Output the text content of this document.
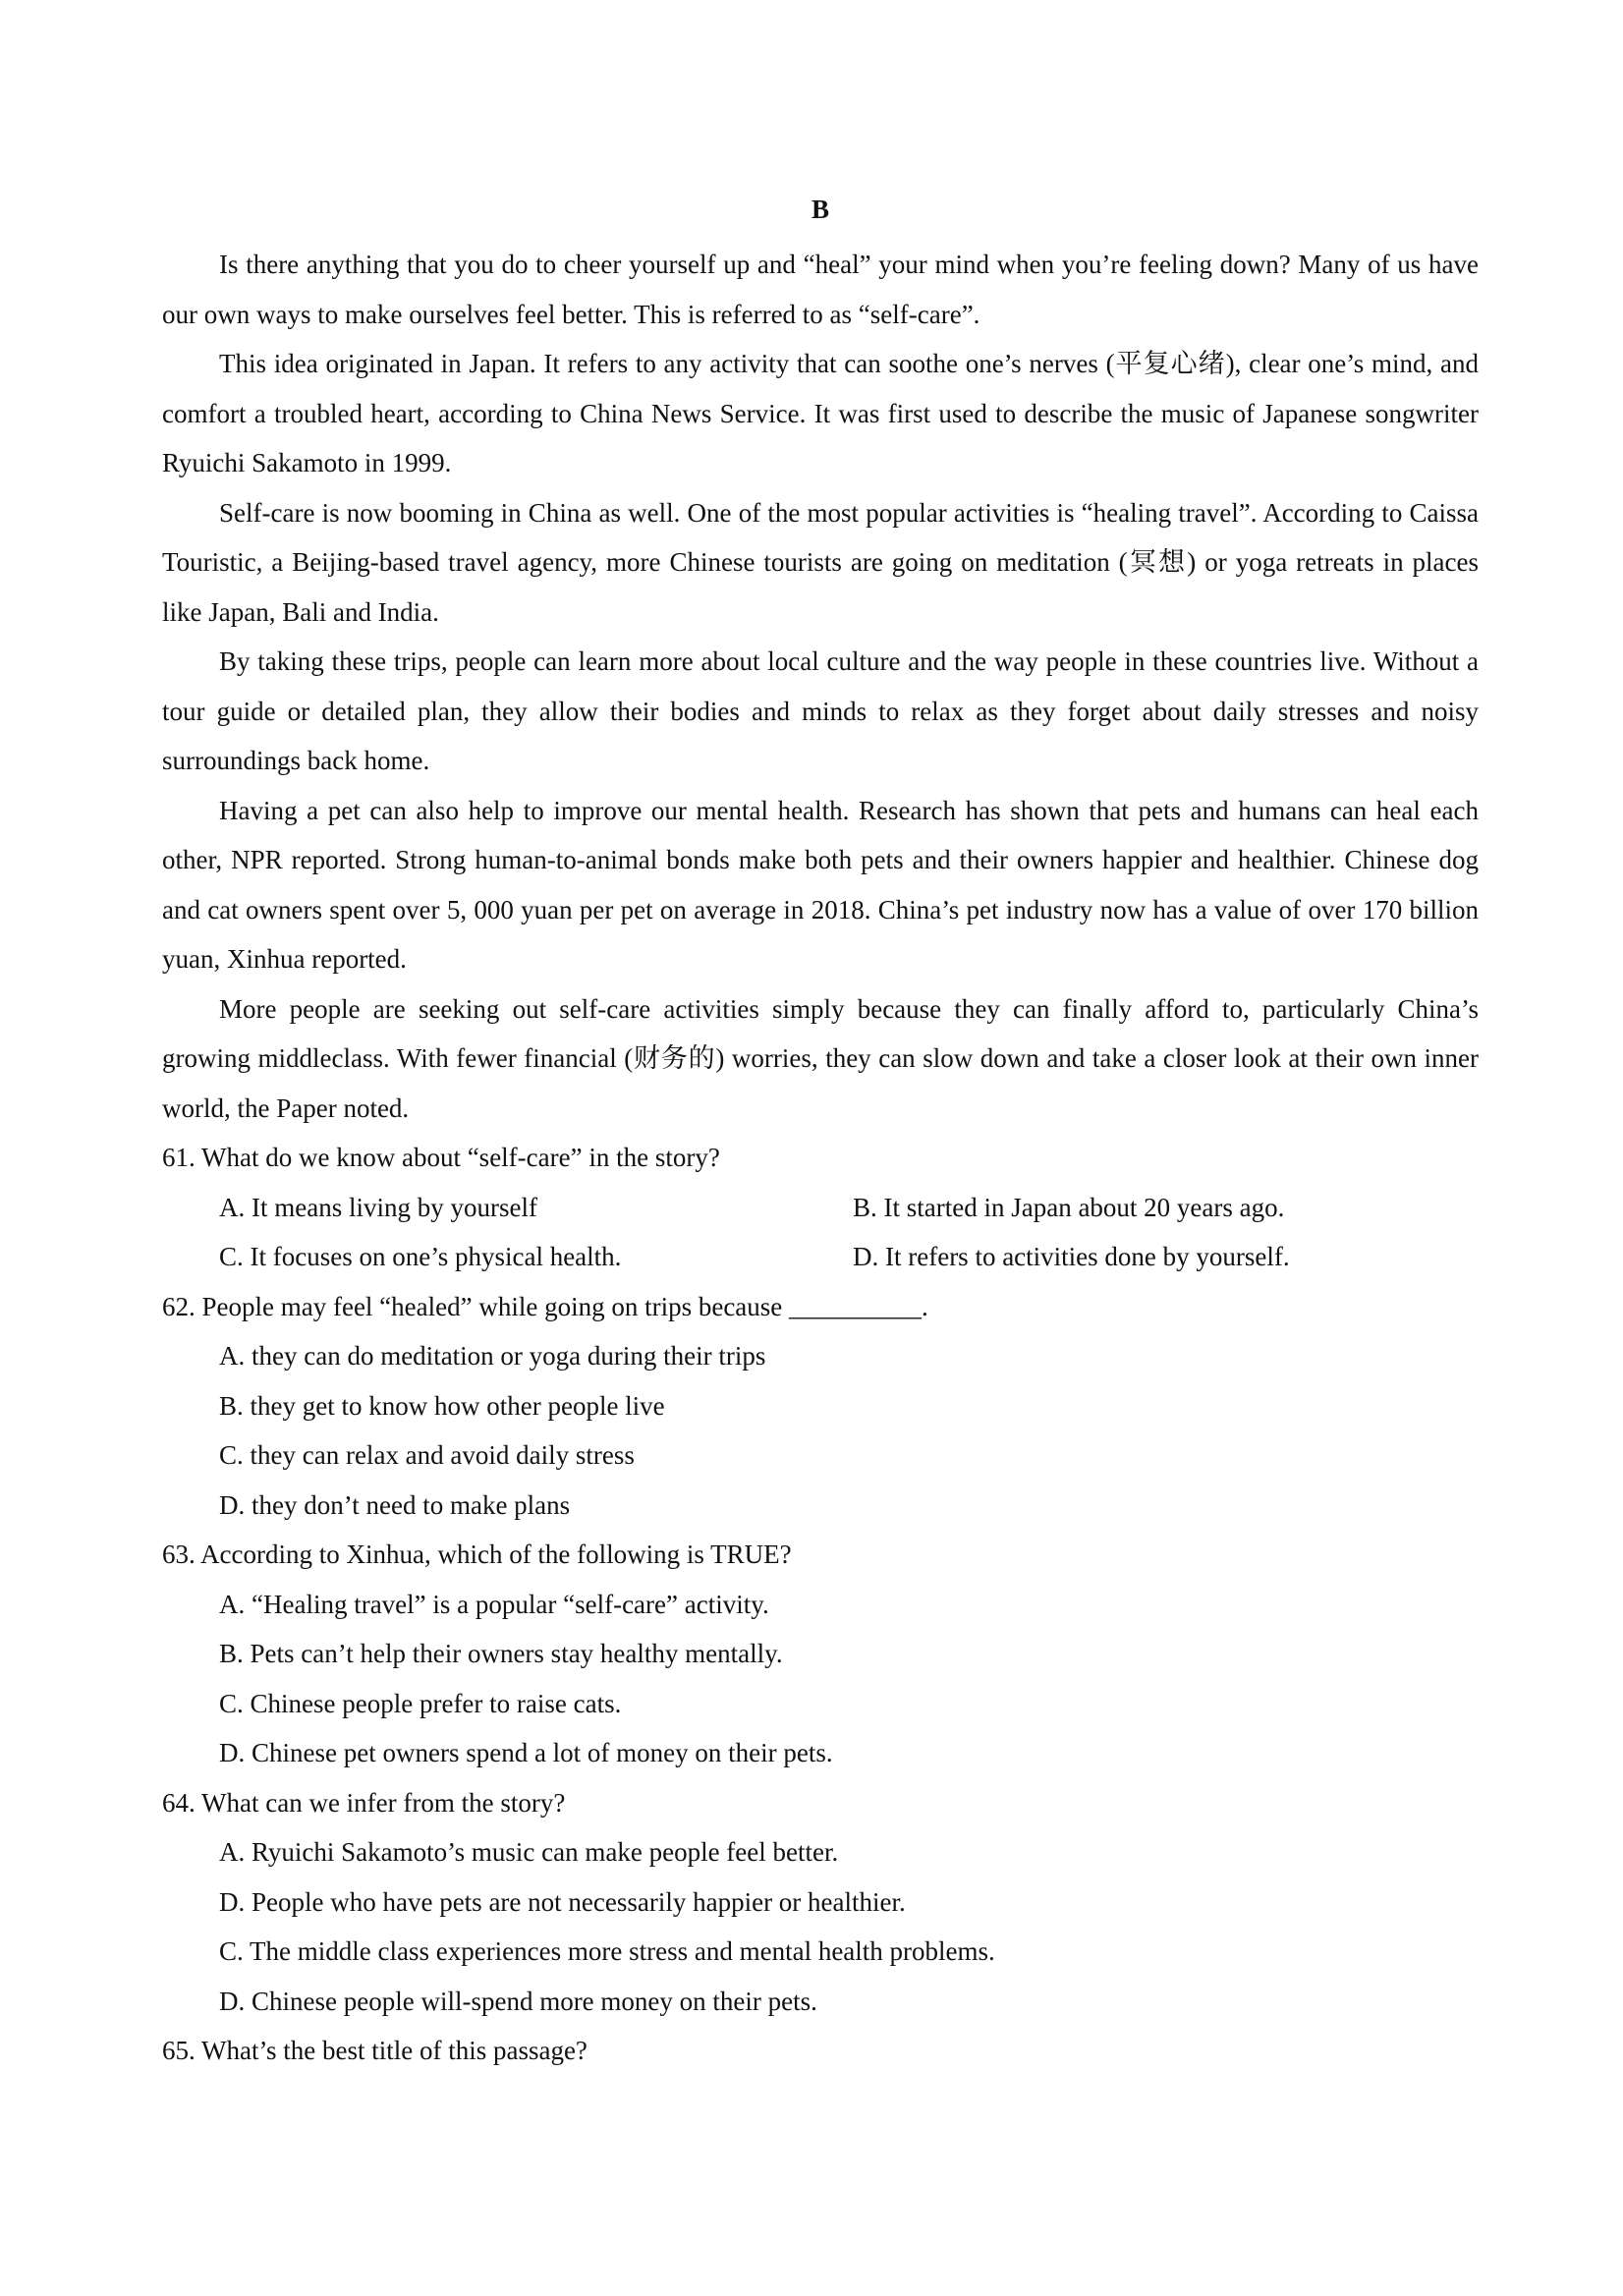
B

Is there anything that you do to cheer yourself up and “heal” your mind when you’re feeling down? Many of us have our own ways to make ourselves feel better. This is referred to as “self-care”.

This idea originated in Japan. It refers to any activity that can soothe one’s nerves (平复心绪), clear one’s mind, and comfort a troubled heart, according to China News Service. It was first used to describe the music of Japanese songwriter Ryuichi Sakamoto in 1999.

Self-care is now booming in China as well. One of the most popular activities is “healing travel”. According to Caissa Touristic, a Beijing-based travel agency, more Chinese tourists are going on meditation (冥想) or yoga retreats in places like Japan, Bali and India.

By taking these trips, people can learn more about local culture and the way people in these countries live. Without a tour guide or detailed plan, they allow their bodies and minds to relax as they forget about daily stresses and noisy surroundings back home.

Having a pet can also help to improve our mental health. Research has shown that pets and humans can heal each other, NPR reported. Strong human-to-animal bonds make both pets and their owners happier and healthier. Chinese dog and cat owners spent over 5, 000 yuan per pet on average in 2018. China’s pet industry now has a value of over 170 billion yuan, Xinhua reported.

More people are seeking out self-care activities simply because they can finally afford to, particularly China’s growing middleclass. With fewer financial (财务的) worries, they can slow down and take a closer look at their own inner world, the Paper noted.

61. What do we know about “self-care” in the story?

A. It means living by yourself	B. It started in Japan about 20 years ago.
C. It focuses on one’s physical health.	D. It refers to activities done by yourself.

62. People may feel “healed” while going on trips because __________.

A. they can do meditation or yoga during their trips
B. they get to know how other people live
C. they can relax and avoid daily stress
D. they don’t need to make plans

63. According to Xinhua, which of the following is TRUE?

A. “Healing travel” is a popular “self-care” activity.
B. Pets can’t help their owners stay healthy mentally.
C. Chinese people prefer to raise cats.
D. Chinese pet owners spend a lot of money on their pets.

64. What can we infer from the story?

A. Ryuichi Sakamoto’s music can make people feel better.
D. People who have pets are not necessarily happier or healthier.
C. The middle class experiences more stress and mental health problems.
D. Chinese people will-spend more money on their pets.

65. What’s the best title of this passage?
